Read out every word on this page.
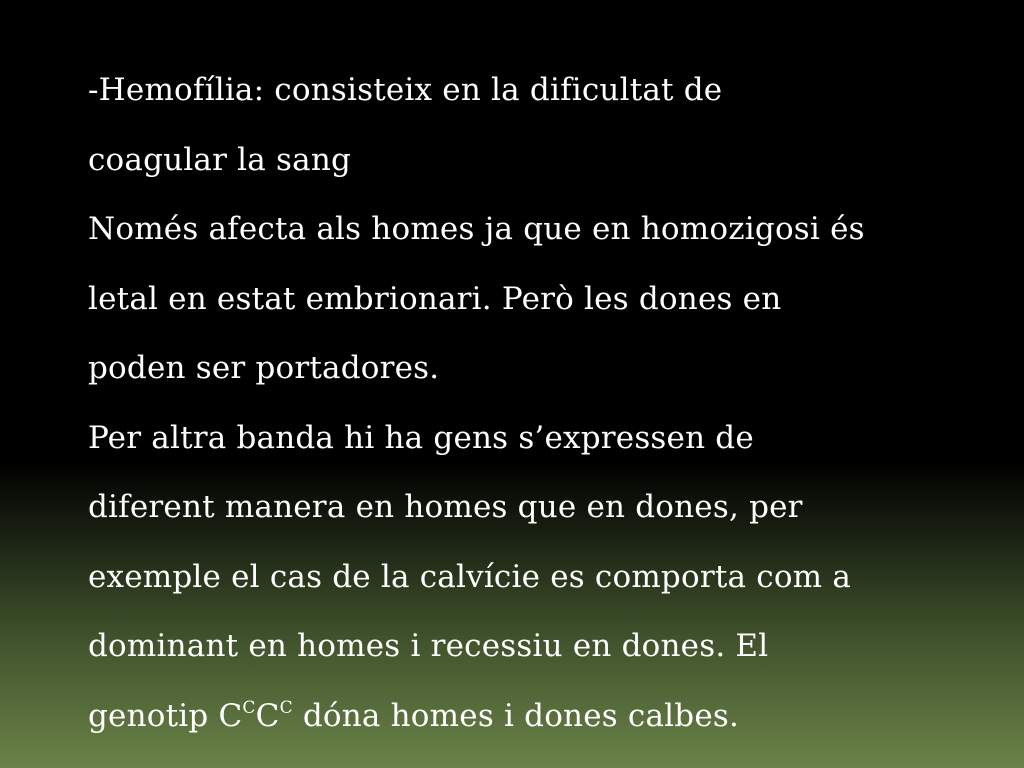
-Hemofília: consisteix en la dificultat de
coagular la sang
Només afecta als homes ja que en homozigosi és
letal en estat embrionari. Però les dones en
poden ser portadores.
Per altra banda hi ha gens s’expressen de
diferent manera en homes que en dones, per
exemple el cas de la calvície es comporta com a
dominant en homes i recessiu en dones. El
genotip $C^CC^C$ dóna homes i dones calbes.
